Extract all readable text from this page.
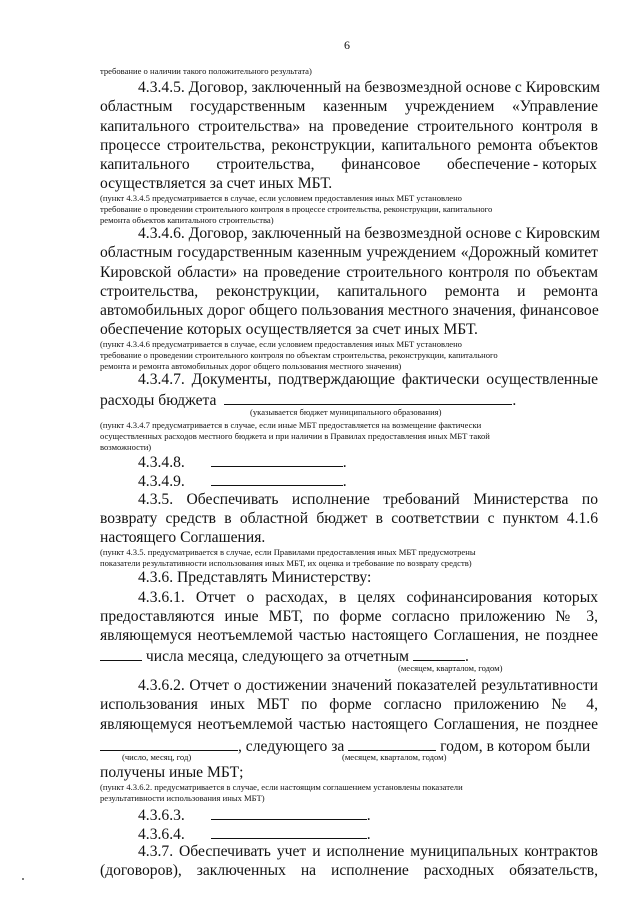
6
требование о наличии такого положительного результата)
4.3.4.5. Договор, заключенный на безвозмездной основе с Кировским
областным государственным казенным учреждением «Управление
капитального строительства» на проведение строительного контроля в
процессе строительства, реконструкции, капитального ремонта объектов
капитального строительства, финансовое обеспечение - которых
осуществляется за счет иных МБТ.
(пункт 4.3.4.5 предусматривается в случае, если условием предоставления иных МБТ установлено
требование о проведении строительного контроля в процессе строительства, реконструкции, капитального
ремонта объектов капитального строительства)
4.3.4.6. Договор, заключенный на безвозмездной основе с Кировским
областным государственным казенным учреждением «Дорожный комитет
Кировской области» на проведение строительного контроля по объектам
строительства, реконструкции, капитального ремонта и ремонта
автомобильных дорог общего пользования местного значения, финансовое
обеспечение которых осуществляется за счет иных МБТ.
(пункт 4.3.4.6 предусматривается в случае, если условием предоставления иных МБТ установлено
требование о проведении строительного контроля по объектам строительства, реконструкции, капитального
ремонта и ремонта автомобильных дорог общего пользования местного значения)
4.3.4.7. Документы, подтверждающие фактически осуществленные
расходы бюджета	.
(указывается бюджет муниципального образования)
(пункт 4.3.4.7 предусматривается в случае, если иные МБТ предоставляется на возмещение фактически
осуществленных расходов местного бюджета и при наличии в Правилах предоставления иных МБТ такой
возможности)
4.3.4.8.	.
4.3.4.9.	.
4.3.5. Обеспечивать исполнение требований Министерства по
возврату средств в областной бюджет в соответствии с пунктом 4.1.6
настоящего Соглашения.
(пункт 4.3.5. предусматривается в случае, если Правилами предоставления иных МБТ предусмотрены
показатели результативности использования иных МБТ, их оценка и требование по возврату средств)
4.3.6. Представлять Министерству:
4.3.6.1. Отчет о расходах, в целях софинансирования которых
предоставляются иные МБТ, по форме согласно приложению № 3,
являющемуся неотъемлемой частью настоящего Соглашения, не позднее
числа месяца, следующего за отчетным	.
(месяцем, кварталом, годом)
4.3.6.2. Отчет о достижении значений показателей результативности
использования иных МБТ по форме согласно приложению № 4,
являющемуся неотъемлемой частью настоящего Соглашения, не позднее
, следующего за	годом, в котором были
(число, месяц, год)	(месяцем, кварталом, годом)
получены иные МБТ;
(пункт 4.3.6.2. предусматривается в случае, если настоящим соглашением установлены показатели
результативности использования иных МБТ)
4.3.6.3.	.
4.3.6.4.	.
4.3.7. Обеспечивать учет и исполнение муниципальных контрактов
(договоров), заключенных на исполнение расходных обязательств,
